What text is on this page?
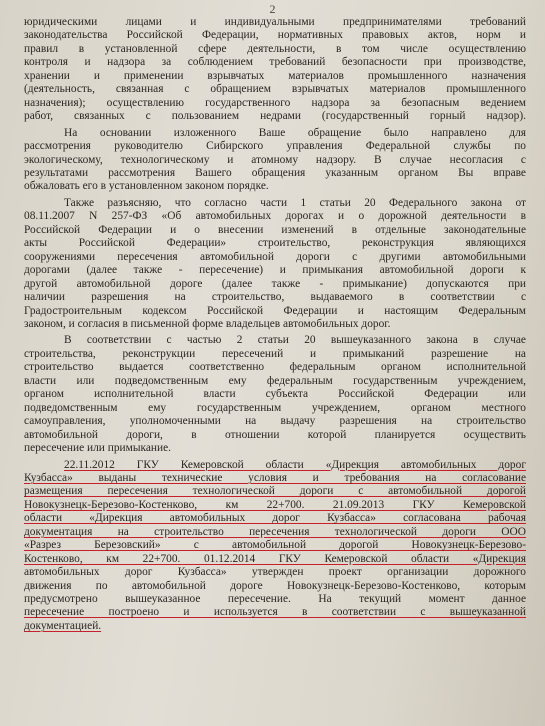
2
юридическими лицами и индивидуальными предпринимателями требований
законодательства Российской Федерации, нормативных правовых актов, норм и
правил в установленной сфере деятельности, в том числе осуществлению
контроля и надзора за соблюдением требований безопасности при производстве,
хранении и применении взрывчатых материалов промышленного назначения
(деятельность, связанная с обращением взрывчатых материалов промышленного
назначения); осуществлению государственного надзора за безопасным ведением
работ, связанных с пользованием недрами (государственный горный надзор).
На основании изложенного Ваше обращение было направлено для
рассмотрения руководителю Сибирского управления Федеральной службы по
экологическому, технологическому и атомному надзору. В случае несогласия с
результатами рассмотрения Вашего обращения указанным органом Вы вправе
обжаловать его в установленном законом порядке.
Также разъясняю, что согласно части 1 статьи 20 Федерального закона от
08.11.2007 N 257-ФЗ «Об автомобильных дорогах и о дорожной деятельности в
Российской Федерации и о внесении изменений в отдельные законодательные
акты Российской Федерации» строительство, реконструкция являющихся
сооружениями пересечения автомобильной дороги с другими автомобильными
дорогами (далее также - пересечение) и примыкания автомобильной дороги к
другой автомобильной дороге (далее также - примыкание) допускаются при
наличии разрешения на строительство, выдаваемого в соответствии с
Градостроительным кодексом Российской Федерации и настоящим Федеральным
законом, и согласия в письменной форме владельцев автомобильных дорог.
В соответствии с частью 2 статьи 20 вышеуказанного закона в случае
строительства, реконструкции пересечений и примыканий разрешение на
строительство выдается соответственно федеральным органом исполнительной
власти или подведомственным ему федеральным государственным учреждением,
органом исполнительной власти субъекта Российской Федерации или
подведомственным ему государственным учреждением, органом местного
самоуправления, уполномоченными на выдачу разрешения на строительство
автомобильной дороги, в отношении которой планируется осуществить
пересечение или примыкание.
22.11.2012 ГКУ Кемеровской области «Дирекция автомобильных дорог
Кузбасса» выданы технические условия и требования на согласование
размещения пересечения технологической дороги с автомобильной дорогой
Новокузнецк-Березово-Костенково, км 22+700. 21.09.2013 ГКУ Кемеровской
области «Дирекция автомобильных дорог Кузбасса» согласована рабочая
документация на строительство пересечения технологической дороги ООО
«Разрез Березовский» с автомобильной дорогой Новокузнецк-Березово-
Костенково, км 22+700. 01.12.2014 ГКУ Кемеровской области «Дирекция
автомобильных дорог Кузбасса» утвержден проект организации дорожного
движения по автомобильной дороге Новокузнецк-Березово-Костенково, которым
предусмотрено вышеуказанное пересечение. На текущий момент данное
пересечение построено и используется в соответствии с вышеуказанной
документацией.
